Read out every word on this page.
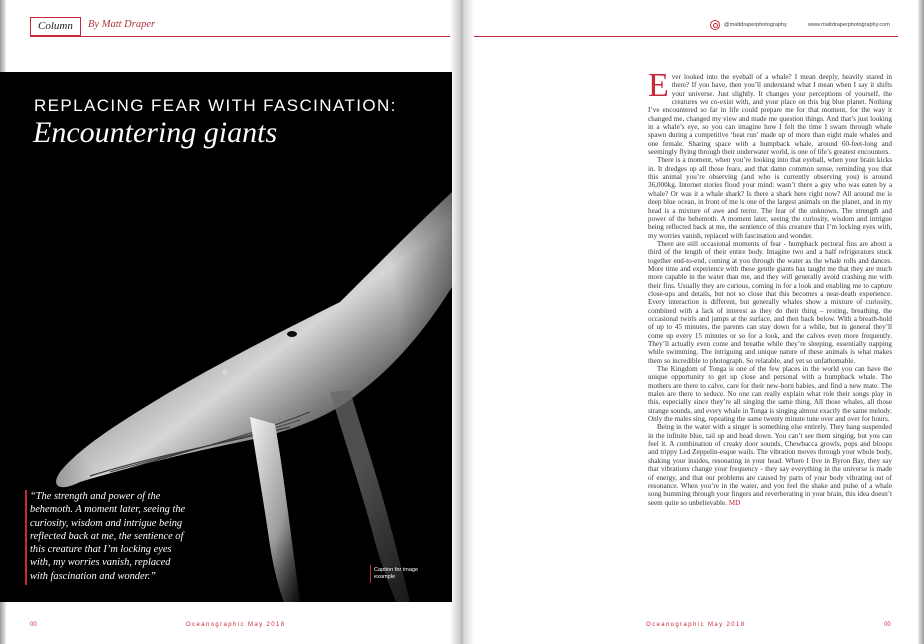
Column	By Matt Draper	@mattdraperphotography	www.mattdraperphotography.com
REPLACING FEAR WITH FASCINATION:
Encountering giants

“The strength and power of the behemoth. A moment later, seeing the curiosity, wisdom and intrigue being reflected back at me, the sentience of this creature that I’m locking eyes with, my worries vanish, replaced with fascination and wonder.”

Caption for image example

Ever looked into the eyeball of a whale? I mean deeply, heavily stared in there? If you have, then you’ll understand what I mean when I say it shifts your universe. Just slightly. It changes your perceptions of yourself, the creatures we co-exist with, and your place on this big blue planet. Nothing I’ve encountered so far in life could prepare me for that moment, for the way it changed me, changed my view and made me question things. And that’s just looking in a whale’s eye, so you can imagine how I felt the time I swam through whale spawn during a competitive ‘heat run’ made up of more than eight male whales and one female. Sharing space with a humpback whale, around 60-feet-long and seemingly flying through their underwater world, is one of life’s greatest encounters.

There is a moment, when you’re looking into that eyeball, when your brain kicks in. It dredges up all those fears, and that damn common sense, reminding you that this animal you’re observing (and who is currently observing you) is around 36,000kg. Internet stories flood your mind: wasn’t there a guy who was eaten by a whale? Or was it a whale shark? Is there a shark here right now? All around me is deep blue ocean, in front of me is one of the largest animals on the planet, and in my head is a mixture of awe and terror. The fear of the unknown. The strength and power of the behemoth. A moment later, seeing the curiosity, wisdom and intrigue being reflected back at me, the sentience of this creature that I’m locking eyes with, my worries vanish, replaced with fascination and wonder.

There are still occasional moments of fear - humpback pectoral fins are about a third of the length of their entire body. Imagine two and a half refrigerators stuck together end-to-end, coming at you through the water as the whale rolls and dances. More time and experience with these gentle giants has taught me that they are much more capable in the water than me, and they will generally avoid crashing me with their fins. Usually they are curious, coming in for a look and enabling me to capture close-ups and details, but not so close that this becomes a near-death experience. Every interaction is different, but generally whales show a mixture of curiosity, combined with a lack of interest as they do their thing – resting, breathing, the occasional twirls and jumps at the surface, and then back below. With a breath-hold of up to 45 minutes, the parents can stay down for a while, but in general they’ll come up every 15 minutes or so for a look, and the calves even more frequently. They’ll actually even come and breathe while they’re sleeping, essentially napping while swimming. The intriguing and unique nature of these animals is what makes them so incredible to photograph. So relatable, and yet so unfathomable.

The Kingdom of Tonga is one of the few places in the world you can have the unique opportunity to get up close and personal with a humpback whale. The mothers are there to calve, care for their new-born babies, and find a new mate. The males are there to seduce. No one can really explain what role their songs play in this, especially since they’re all singing the same thing. All those whales, all those strange sounds, and every whale in Tonga is singing almost exactly the same melody. Only the males sing, repeating the same twenty minute tune over and over for hours.

Being in the water with a singer is something else entirely. They hang suspended in the infinite blue, tail up and head down. You can’t see them singing, but you can feel it. A combination of creaky door sounds, Chewbacca growls, pops and bloops and trippy Led Zeppelin-esque wails. The vibration moves through your whole body, shaking your insides, resonating in your head. Where I live in Byron Bay, they say that vibrations change your frequency - they say everything in the universe is made of energy, and that our problems are caused by parts of your body vibrating out of resonance. When you’re in the water, and you feel the shake and pulse of a whale song humming through your fingers and reverberating in your brain, this idea doesn’t seem quite so unbelievable. MD

00	Oceanographic May 2018	Oceanographic May 2018	00
